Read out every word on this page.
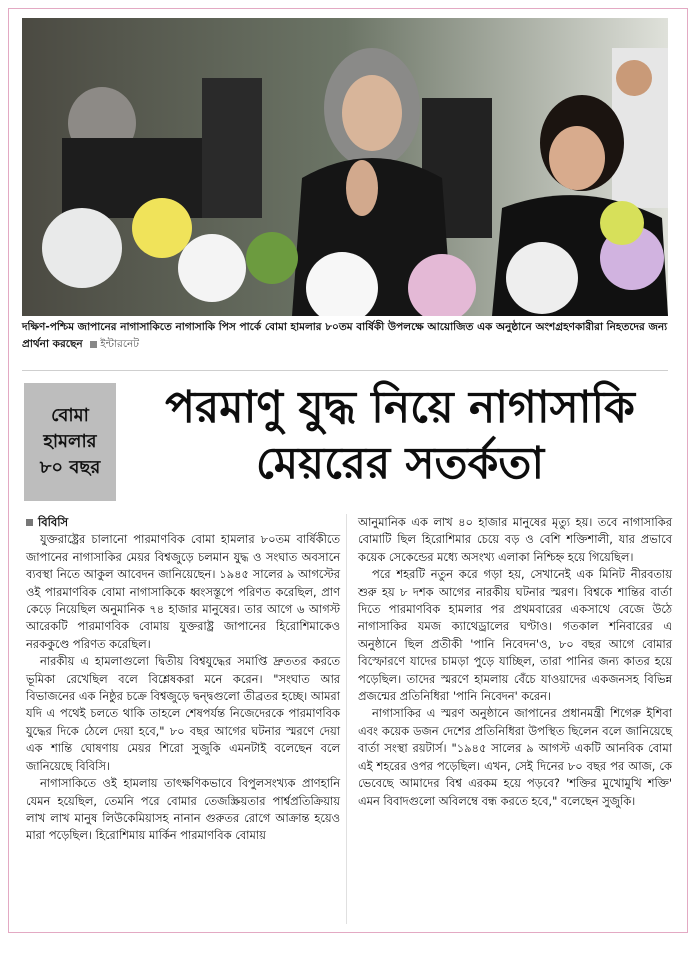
দক্ষিণ-পশ্চিম জাপানের নাগাসাকিতে নাগাসাকি পিস পার্কে বোমা হামলার ৮০তম বার্ষিকী উপলক্ষে আয়োজিত এক অনুষ্ঠানে অংশগ্রহণকারীরা নিহতদের জন্য প্রার্থনা করছেন ইন্টারনেট
বোমা
হামলার
৮০ বছর
পরমাণু যুদ্ধ নিয়ে নাগাসাকি
মেয়রের সতর্কতা

বিবিসি

যুক্তরাষ্ট্রের চালানো পারমাণবিক বোমা হামলার ৮০তম বার্ষিকীতে জাপানের নাগাসাকির মেয়র বিশ্বজুড়ে চলমান যুদ্ধ ও সংঘাত অবসানে ব্যবস্থা নিতে আকুল আবেদন জানিয়েছেন। ১৯৪৫ সালের ৯ আগস্টের ওই পারমাণবিক বোমা নাগাসাকিকে ধ্বংসস্তূপে পরিণত করেছিল, প্রাণ কেড়ে নিয়েছিল অনুমানিক ৭৪ হাজার মানুষের। তার আগে ৬ আগস্ট আরেকটি পারমাণবিক বোমায় যুক্তরাষ্ট্র জাপানের হিরোশিমাকেও নরককুণ্ডে পরিণত করেছিল।

নারকীয় এ হামলাগুলো দ্বিতীয় বিশ্বযুদ্ধের সমাপ্তি দ্রুততর করতে ভূমিকা রেখেছিল বলে বিশ্লেষকরা মনে করেন। "সংঘাত আর বিভাজনের এক নিষ্ঠুর চক্রে বিশ্বজুড়ে দ্বন্দ্বগুলো তীব্রতর হচ্ছে। আমরা যদি এ পথেই চলতে থাকি তাহলে শেষপর্যন্ত নিজেদেরকে পারমাণবিক যুদ্ধের দিকে ঠেলে দেয়া হবে," ৮০ বছর আগের ঘটনার স্মরণে দেয়া এক শান্তি ঘোষণায় মেয়র শিরো সুজুকি এমনটাই বলেছেন বলে জানিয়েছে বিবিসি।

নাগাসাকিতে ওই হামলায় তাৎক্ষণিকভাবে বিপুলসংখ্যক প্রাণহানি যেমন হয়েছিল, তেমনি পরে বোমার তেজস্ক্রিয়তার পার্শ্বপ্রতিক্রিয়ায় লাখ লাখ মানুষ লিউকেমিয়াসহ নানান গুরুতর রোগে আক্রান্ত হয়েও মারা পড়েছিল। হিরোশিমায় মার্কিন পারমাণবিক বোমায়

আনুমানিক এক লাখ ৪০ হাজার মানুষের মৃত্যু হয়। তবে নাগাসাকির বোমাটি ছিল হিরোশিমার চেয়ে বড় ও বেশি শক্তিশালী, যার প্রভাবে কয়েক সেকেন্ডের মধ্যে অসংখ্য এলাকা নিশ্চিহ্ন হয়ে গিয়েছিল।

পরে শহরটি নতুন করে গড়া হয়, সেখানেই এক মিনিট নীরবতায় শুরু হয় ৮ দশক আগের নারকীয় ঘটনার স্মরণ। বিশ্বকে শান্তির বার্তা দিতে পারমাণবিক হামলার পর প্রথমবারের একসাথে বেজে উঠে নাগাসাকির যমজ ক্যাথেড্রালের ঘণ্টাও। গতকাল শনিবারের এ অনুষ্ঠানে ছিল প্রতীকী 'পানি নিবেদন'ও, ৮০ বছর আগে বোমার বিস্ফোরণে যাদের চামড়া পুড়ে যাচ্ছিল, তারা পানির জন্য কাতর হয়ে পড়েছিল। তাদের স্মরণে হামলায় বেঁচে যাওয়াদের একজনসহ বিভিন্ন প্রজন্মের প্রতিনিধিরা 'পানি নিবেদন' করেন।

নাগাসাকির এ স্মরণ অনুষ্ঠানে জাপানের প্রধানমন্ত্রী শিগেরু ইশিবা এবং কয়েক ডজন দেশের প্রতিনিধিরা উপস্থিত ছিলেন বলে জানিয়েছে বার্তা সংস্থা রয়টার্স। "১৯৪৫ সালের ৯ আগস্ট একটি আনবিক বোমা এই শহরের ওপর পড়েছিল। এখন, সেই দিনের ৮০ বছর পর আজ, কে ভেবেছে আমাদের বিশ্ব এরকম হয়ে পড়বে? 'শক্তির মুখোমুখি শক্তি' এমন বিবাদগুলো অবিলম্বে বন্ধ করতে হবে," বলেছেন সুজুকি।
